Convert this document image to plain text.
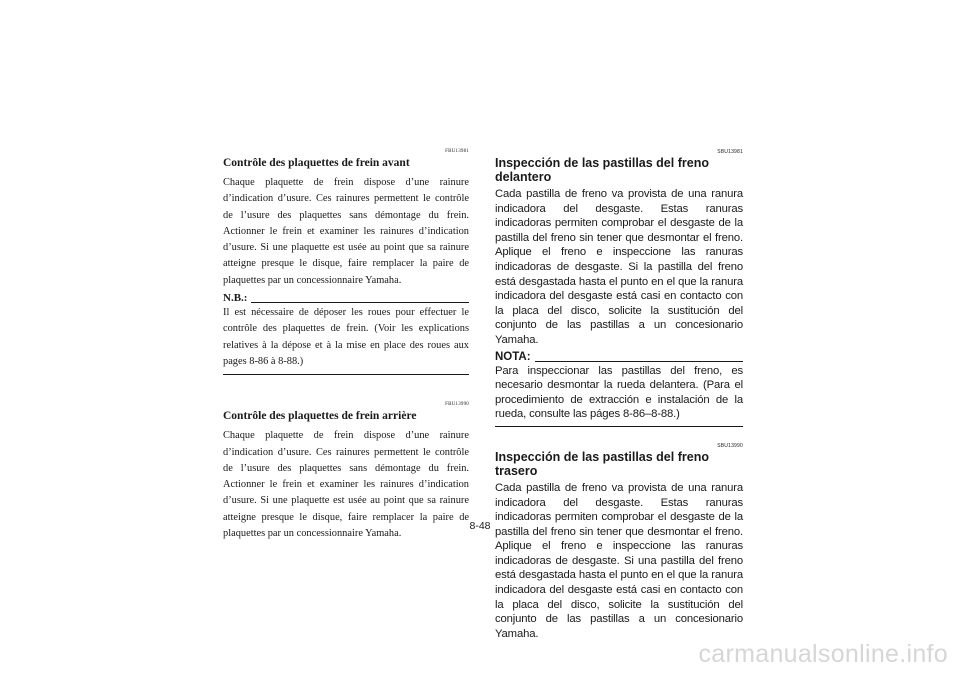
FBU13981
Contrôle des plaquettes de frein avant

Chaque plaquette de frein dispose d’une rainure d’indication d’usure. Ces rainures permettent le contrôle de l’usure des plaquettes sans démontage du frein. Actionner le frein et examiner les rainures d’indication d’usure. Si une plaquette est usée au point que sa rainure atteigne presque le disque, faire remplacer la paire de plaquettes par un concessionnaire Yamaha.

N.B.:

Il est nécessaire de déposer les roues pour effectuer le contrôle des plaquettes de frein. (Voir les explications relatives à la dépose et à la mise en place des roues aux pages 8-86 à 8-88.)

FBU13990
Contrôle des plaquettes de frein arrière

Chaque plaquette de frein dispose d’une rainure d’indication d’usure. Ces rainures permettent le contrôle de l’usure des plaquettes sans démontage du frein. Actionner le frein et examiner les rainures d’indication d’usure. Si une plaquette est usée au point que sa rainure atteigne presque le disque, faire remplacer la paire de plaquettes par un concessionnaire Yamaha.

SBU13981
Inspección de las pastillas del freno delantero

Cada pastilla de freno va provista de una ranura indicadora del desgaste. Estas ranuras indicadoras permiten comprobar el desgaste de la pastilla del freno sin tener que desmontar el freno. Aplique el freno e inspeccione las ranuras indicadoras de desgaste. Si la pastilla del freno está desgastada hasta el punto en el que la ranura indicadora del desgaste está casi en contacto con la placa del disco, solicite la sustitución del conjunto de las pastillas a un concesionario Yamaha.

NOTA:

Para inspeccionar las pastillas del freno, es necesario desmontar la rueda delantera. (Para el procedimiento de extracción e instalación de la rueda, consulte las páges 8-86–8-88.)

SBU13990
Inspección de las pastillas del freno trasero

Cada pastilla de freno va provista de una ranura indicadora del desgaste. Estas ranuras indicadoras permiten comprobar el desgaste de la pastilla del freno sin tener que desmontar el freno. Aplique el freno e inspeccione las ranuras indicadoras de desgaste. Si una pastilla del freno está desgastada hasta el punto en el que la ranura indicadora del desgaste está casi en contacto con la placa del disco, solicite la sustitución del conjunto de las pastillas a un concesionario Yamaha.

8-48
carmanualsonline.info
